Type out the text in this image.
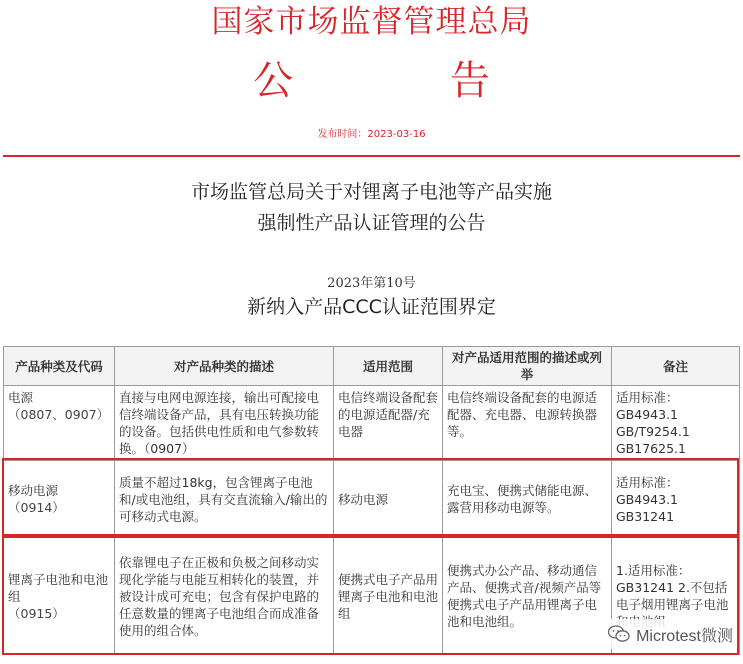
国家市场监督管理总局
公 告
发布时间：2023-03-16
市场监管总局关于对锂离子电池等产品实施
强制性产品认证管理的公告
2023年第10号
新纳入产品CCC认证范围界定
产品种类及代码	对产品种类的描述	适用范围	对产品适用范围的描述或列举	备注

电源
（0807、0907）	直接与电网电源连接，输出可配接电信终端设备产品，具有电压转换功能的设备。包括供电性质和电气参数转换。（0907）	电信终端设备配套的电源适配器/充电器	电信终端设备配套的电源适配器、充电器、电源转换器等。	适用标准：GB4943.1 GB/T9254.1 GB17625.1

移动电源
（0914）	质量不超过18kg，包含锂离子电池和/或电池组，具有交直流输入/输出的可移动式电源。	移动电源	充电宝、便携式储能电源、露营用移动电源等。	适用标准：GB4943.1 GB31241

锂离子电池和电池组
（0915）	依靠锂电子在正极和负极之间移动实现化学能与电能互相转化的装置，并被设计成可充电；包含有保护电路的任意数量的锂离子电池组合而成准备使用的组合体。	便携式电子产品用锂离子电池和电池组	便携式办公产品、移动通信产品、便携式音/视频产品等便携式电子产品用锂离子电池和电池组。	1.适用标准：GB31241 2.不包括电子烟用锂离子电池
Microtest微测
